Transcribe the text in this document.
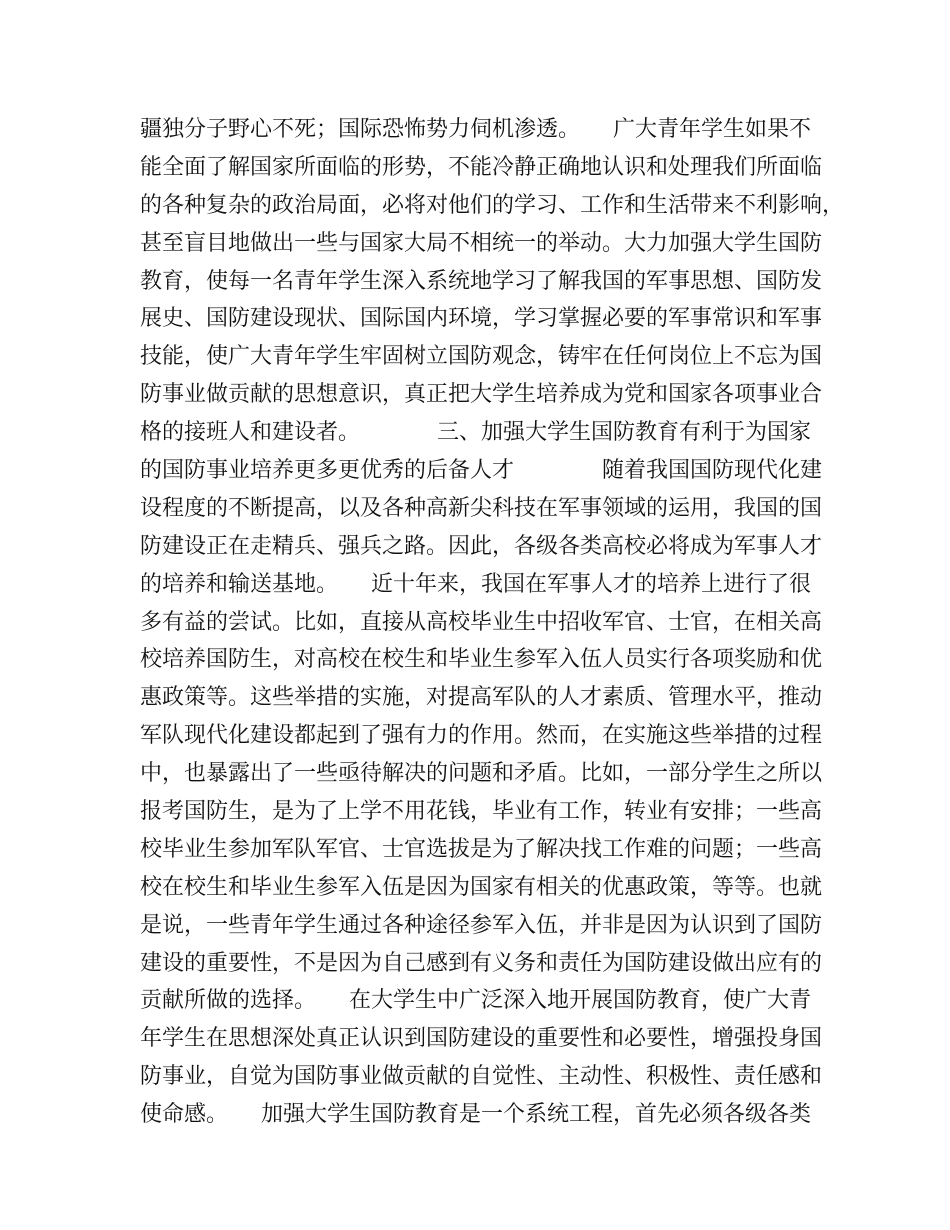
疆独分子野心不死；国际恐怖势力伺机渗透。　　广大青年学生如果不
能全面了解国家所面临的形势，不能冷静正确地认识和处理我们所面临
的各种复杂的政治局面，必将对他们的学习、工作和生活带来不利影响，
甚至盲目地做出一些与国家大局不相统一的举动。大力加强大学生国防
教育，使每一名青年学生深入系统地学习了解我国的军事思想、国防发
展史、国防建设现状、国际国内环境，学习掌握必要的军事常识和军事
技能，使广大青年学生牢固树立国防观念，铸牢在任何岗位上不忘为国
防事业做贡献的思想意识，真正把大学生培养成为党和国家各项事业合
格的接班人和建设者。　　　　三、加强大学生国防教育有利于为国家
的国防事业培养更多更优秀的后备人才　　　　随着我国国防现代化建
设程度的不断提高，以及各种高新尖科技在军事领域的运用，我国的国
防建设正在走精兵、强兵之路。因此，各级各类高校必将成为军事人才
的培养和输送基地。　　近十年来，我国在军事人才的培养上进行了很
多有益的尝试。比如，直接从高校毕业生中招收军官、士官，在相关高
校培养国防生，对高校在校生和毕业生参军入伍人员实行各项奖励和优
惠政策等。这些举措的实施，对提高军队的人才素质、管理水平，推动
军队现代化建设都起到了强有力的作用。然而，在实施这些举措的过程
中，也暴露出了一些亟待解决的问题和矛盾。比如，一部分学生之所以
报考国防生，是为了上学不用花钱，毕业有工作，转业有安排；一些高
校毕业生参加军队军官、士官选拔是为了解决找工作难的问题；一些高
校在校生和毕业生参军入伍是因为国家有相关的优惠政策，等等。也就
是说，一些青年学生通过各种途径参军入伍，并非是因为认识到了国防
建设的重要性，不是因为自己感到有义务和责任为国防建设做出应有的
贡献所做的选择。　　在大学生中广泛深入地开展国防教育，使广大青
年学生在思想深处真正认识到国防建设的重要性和必要性，增强投身国
防事业，自觉为国防事业做贡献的自觉性、主动性、积极性、责任感和
使命感。　　加强大学生国防教育是一个系统工程，首先必须各级各类
